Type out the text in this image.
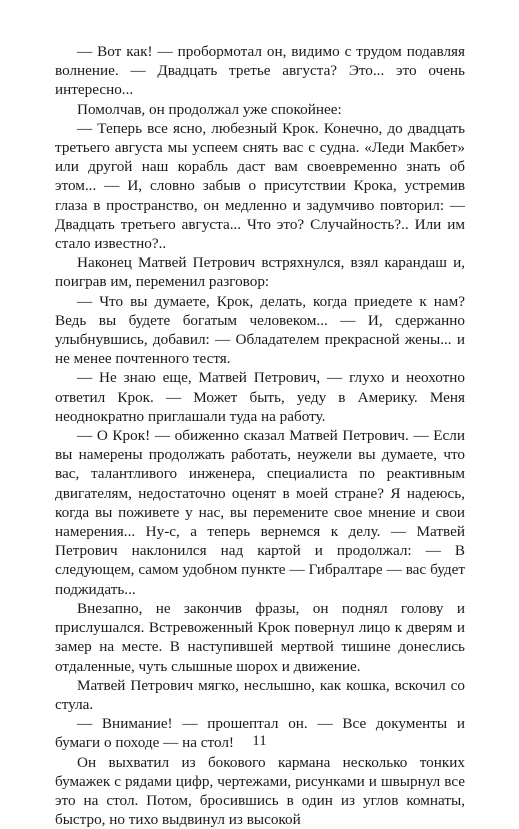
— Вот как! — пробормотал он, видимо с трудом подавляя волнение. — Двадцать третье августа? Это... это очень интересно...

Помолчав, он продолжал уже спокойнее:

— Теперь все ясно, любезный Крок. Конечно, до двадцать третьего августа мы успеем снять вас с судна. «Леди Макбет» или другой наш корабль даст вам своевременно знать об этом... — И, словно забыв о присутствии Крока, устремив глаза в пространство, он медленно и задумчиво повторил: — Двадцать третьего августа... Что это? Случайность?.. Или им стало известно?..

Наконец Матвей Петрович встряхнулся, взял карандаш и, поиграв им, переменил разговор:

— Что вы думаете, Крок, делать, когда приедете к нам? Ведь вы будете богатым человеком... — И, сдержанно улыбнувшись, добавил: — Обладателем прекрасной жены... и не менее почтенного тестя.

— Не знаю еще, Матвей Петрович, — глухо и неохотно ответил Крок. — Может быть, уеду в Америку. Меня неоднократно приглашали туда на работу.

— О Крок! — обиженно сказал Матвей Петрович. — Если вы намерены продолжать работать, неужели вы думаете, что вас, талантливого инженера, специалиста по реактивным двигателям, недостаточно оценят в моей стране? Я надеюсь, когда вы поживете у нас, вы перемените свое мнение и свои намерения... Ну-с, а теперь вернемся к делу. — Матвей Петрович наклонился над картой и продолжал: — В следующем, самом удобном пункте — Гибралтаре — вас будет поджидать...

Внезапно, не закончив фразы, он поднял голову и прислушался. Встревоженный Крок повернул лицо к дверям и замер на месте. В наступившей мертвой тишине донеслись отдаленные, чуть слышные шорох и движение.

Матвей Петрович мягко, неслышно, как кошка, вскочил со стула.

— Внимание! — прошептал он. — Все документы и бумаги о походе — на стол!

Он выхватил из бокового кармана несколько тонких бумажек с рядами цифр, чертежами, рисунками и швырнул все это на стол. Потом, бросившись в один из углов комнаты, быстро, но тихо выдвинул из высокой

11
